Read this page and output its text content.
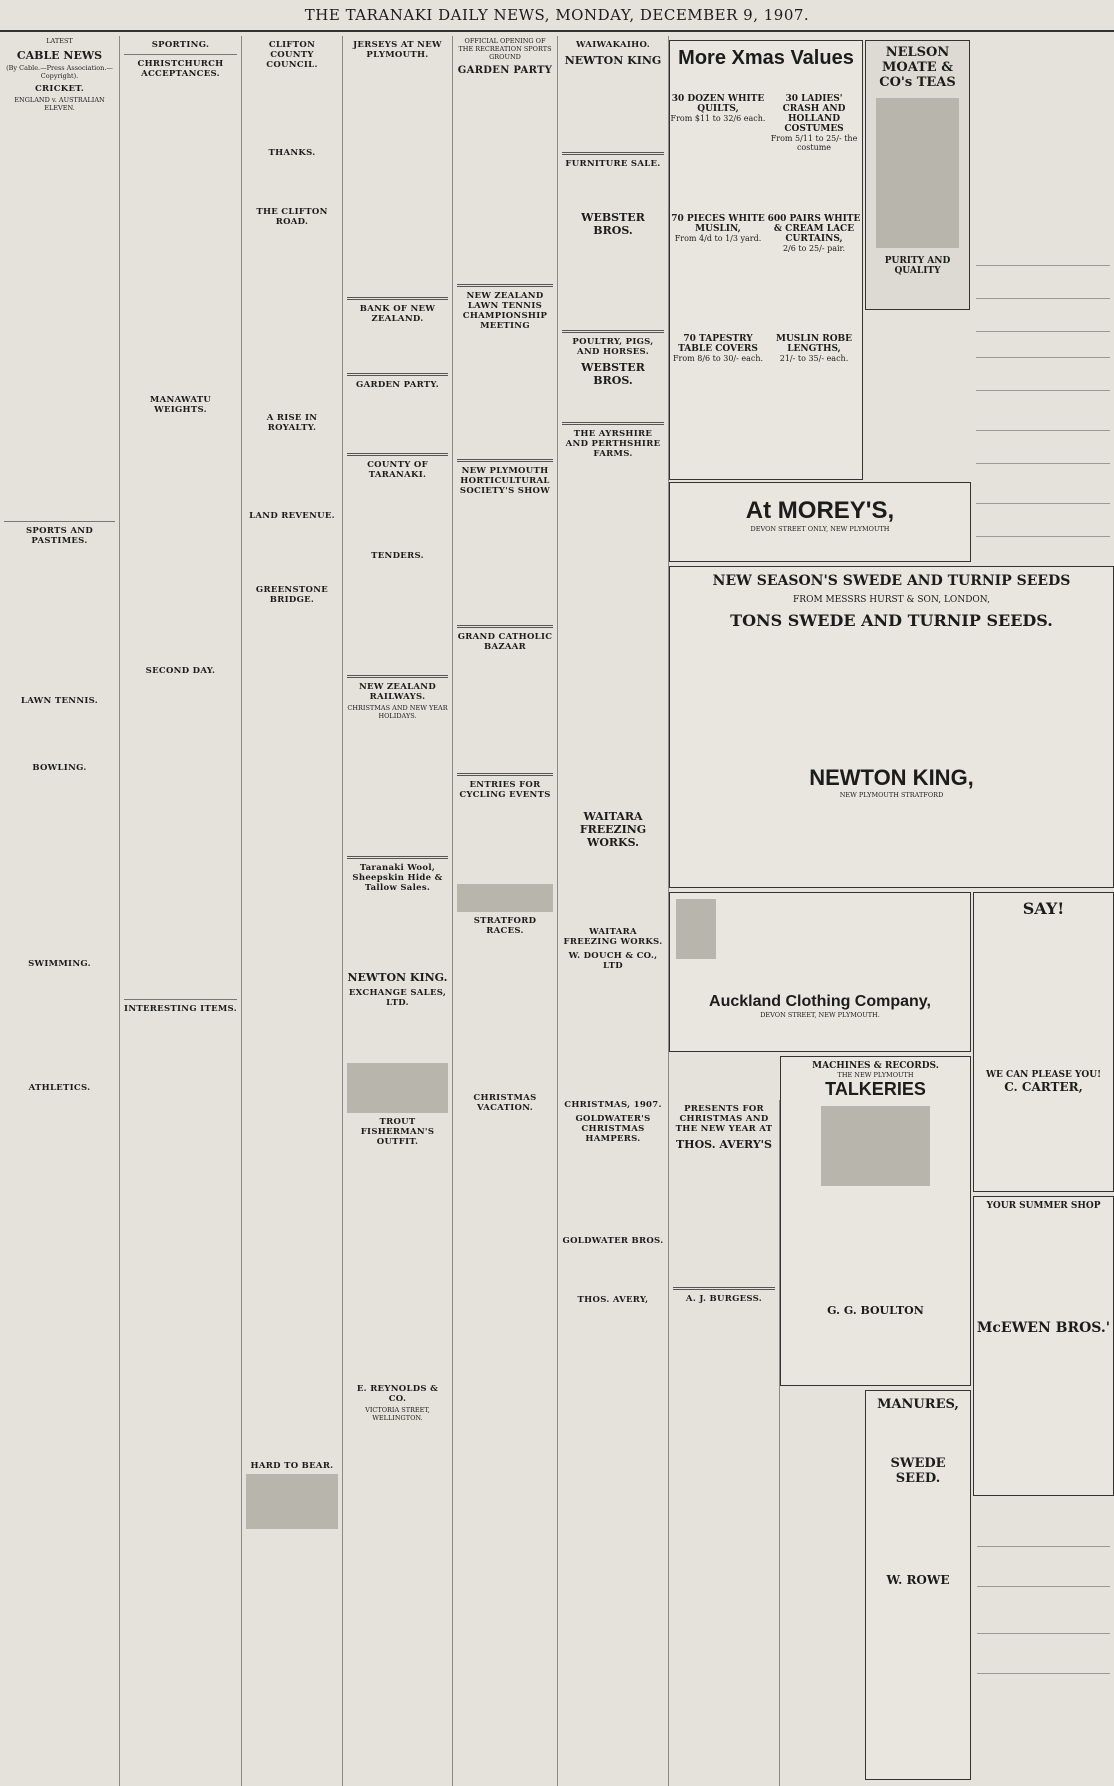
THE TARANAKI DAILY NEWS, MONDAY, DECEMBER 9, 1907.
LATEST
CABLE NEWS
(By Cable.—Press Association.—Copyright).
CRICKET.
ENGLAND v. AUSTRALIAN ELEVEN.

SPORTS AND PASTIMES.

LAWN TENNIS.

BOWLING.

SWIMMING.

ATHLETICS.

SPORTING.
CHRISTCHURCH ACCEPTANCES.

MANAWATU WEIGHTS.

SECOND DAY.

INTERESTING ITEMS.

CLIFTON COUNTY COUNCIL.

THANKS.

THE CLIFTON ROAD.

A RISE IN ROYALTY.

LAND REVENUE.

GREENSTONE BRIDGE.

HARD TO BEAR.

JERSEYS AT NEW PLYMOUTH.

BANK OF NEW ZEALAND.

GARDEN PARTY.

COUNTY OF TARANAKI.

TENDERS.

NEW ZEALAND RAILWAYS.
CHRISTMAS AND NEW YEAR HOLIDAYS.

Taranaki Wool, Sheepskin Hide & Tallow Sales.

NEWTON KING.
EXCHANGE SALES, LTD.

TROUT FISHERMAN'S OUTFIT.

E. REYNOLDS & CO.
VICTORIA STREET, WELLINGTON.
OFFICIAL OPENING OF THE RECREATION SPORTS GROUND
GARDEN PARTY

NEW ZEALAND LAWN TENNIS CHAMPIONSHIP MEETING

NEW PLYMOUTH HORTICULTURAL SOCIETY'S SHOW

GRAND CATHOLIC BAZAAR

ENTRIES FOR CYCLING EVENTS

STRATFORD RACES.

CHRISTMAS VACATION.

WAIWAKAIHO.
NEWTON KING

FURNITURE SALE.

WEBSTER BROS.

POULTRY, PIGS, AND HORSES.
WEBSTER BROS.

THE AYRSHIRE AND PERTHSHIRE FARMS.

WAITARA FREEZING WORKS.

WAITARA FREEZING WORKS.
W. DOUCH & CO., LTD

CHRISTMAS, 1907.
GOLDWATER'S CHRISTMAS HAMPERS.

GOLDWATER BROS.

THOS. AVERY,

PRESENTS FOR CHRISTMAS AND THE NEW YEAR AT
THOS. AVERY'S

A. J. BURGESS.

More Xmas Values
30 DOZEN WHITE QUILTS,
From $11 to 32/6 each.
30 LADIES' CRASH AND HOLLAND COSTUMES
From 5/11 to 25/- the costume
70 PIECES WHITE MUSLIN,
From 4/d to 1/3 yard.
600 PAIRS WHITE & CREAM LACE CURTAINS,
2/6 to 25/- pair.
70 TAPESTRY TABLE COVERS
From 8/6 to 30/- each.
MUSLIN ROBE LENGTHS,
21/- to 35/- each.
NELSON MOATE & CO's TEAS
PURITY AND QUALITY

At MOREY'S,
DEVON STREET ONLY, NEW PLYMOUTH
NEW SEASON'S SWEDE AND TURNIP SEEDS
FROM MESSRS HURST & SON, LONDON,
TONS SWEDE AND TURNIP SEEDS.

NEWTON KING,
NEW PLYMOUTH STRATFORD
Auckland Clothing Company,
DEVON STREET, NEW PLYMOUTH.
SAY!

WE CAN PLEASE YOU!
C. CARTER,
MACHINES & RECORDS.
THE NEW PLYMOUTH
TALKERIES

G. G. BOULTON
YOUR SUMMER SHOP

McEWEN BROS.'

MANURES,

SWEDE SEED.

W. ROWE
